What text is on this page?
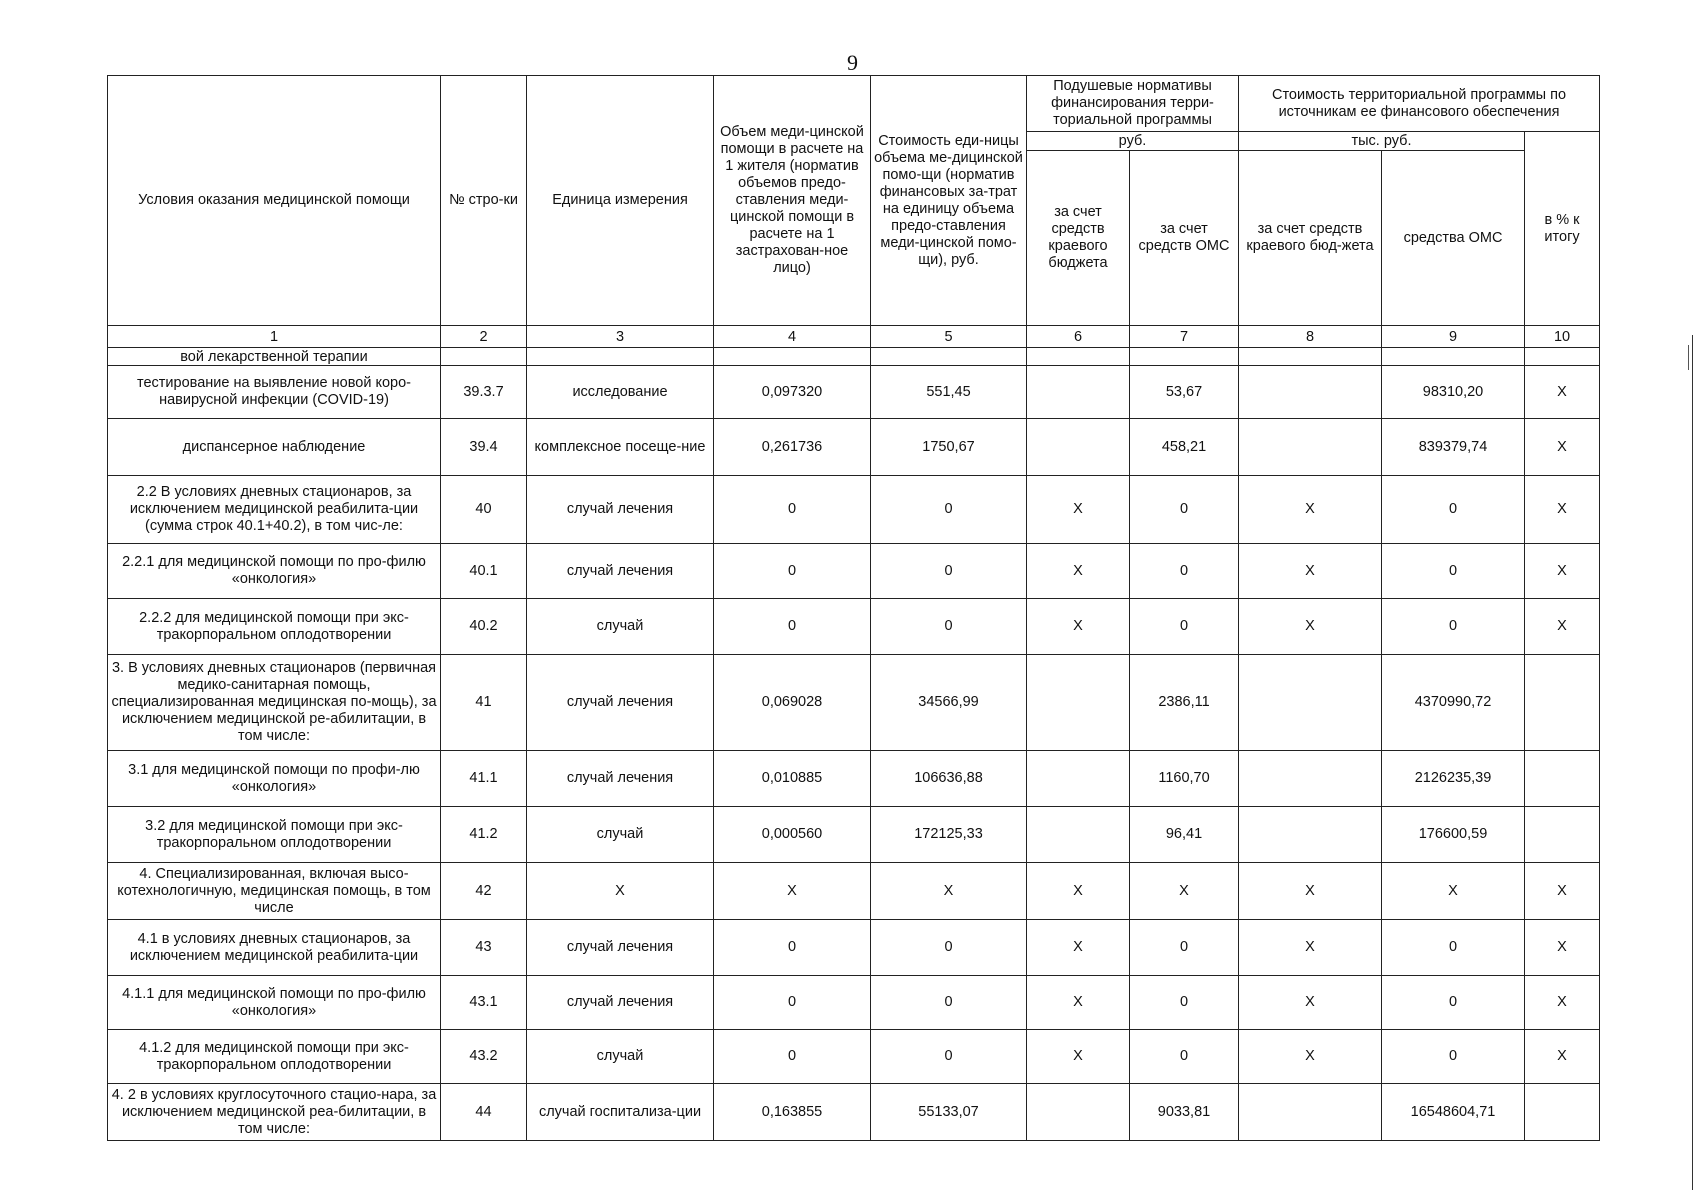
9
Условия оказания медицинской помощи	№ стро-ки	Единица измерения	Объем меди-цинской помощи в расчете на 1 жителя (норматив объемов предо-ставления меди-цинской помощи в расчете на 1 застрахован-ное лицо)	Стоимость еди-ницы объема ме-дицинской помо-щи (норматив финансовых за-трат на единицу объема предо-ставления меди-цинской помо-щи), руб.	Подушевые нормативы финансирования терри-ториальной программы		Стоимость территориальной программы по источникам ее финансового обеспечения		
					руб.		тыс. руб.		в % к итогу
					за счет средств краевого бюджета	за счет средств ОМС	за счет средств краевого бюд-жета	средства ОМС	
1	2	3	4	5	6	7	8	9	10
вой лекарственной терапии									
тестирование на выявление новой коро-навирусной инфекции (COVID-19)	39.3.7	исследование	0,097320	551,45		53,67		98310,20	X
диспансерное наблюдение	39.4	комплексное посеще-ние	0,261736	1750,67		458,21		839379,74	X
2.2 В условиях дневных стационаров, за исключением медицинской реабилита-ции (сумма строк 40.1+40.2), в том чис-ле:	40	случай лечения	0	0	X	0	X	0	X
2.2.1 для медицинской помощи по про-филю «онкология»	40.1	случай лечения	0	0	X	0	X	0	X
2.2.2 для медицинской помощи при экс-тракорпоральном оплодотворении	40.2	случай	0	0	X	0	X	0	X
3. В условиях дневных стационаров (первичная медико-санитарная помощь, специализированная медицинская по-мощь), за исключением медицинской ре-абилитации, в том числе:	41	случай лечения	0,069028	34566,99		2386,11		4370990,72	
3.1 для медицинской помощи по профи-лю «онкология»	41.1	случай лечения	0,010885	106636,88		1160,70		2126235,39	
3.2 для медицинской помощи при экс-тракорпоральном оплодотворении	41.2	случай	0,000560	172125,33		96,41		176600,59	
4. Специализированная, включая высо-котехнологичную, медицинская помощь, в том числе	42	X	X	X	X	X	X	X	X
4.1 в условиях дневных стационаров, за исключением медицинской реабилита-ции	43	случай лечения	0	0	X	0	X	0	X
4.1.1 для медицинской помощи по про-филю «онкология»	43.1	случай лечения	0	0	X	0	X	0	X
4.1.2 для медицинской помощи при экс-тракорпоральном оплодотворении	43.2	случай	0	0	X	0	X	0	X
4. 2 в условиях круглосуточного стацио-нара, за исключением медицинской реа-билитации, в том числе:	44	случай госпитализа-ции	0,163855	55133,07		9033,81		16548604,71	
